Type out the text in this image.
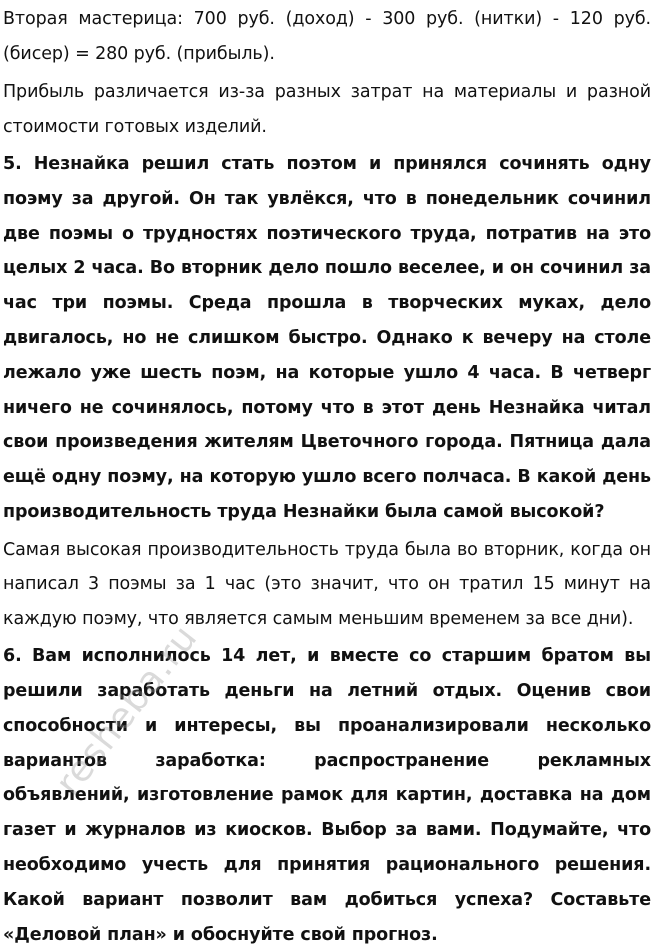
Вторая мастерица: 700 руб. (доход) - 300 руб. (нитки) - 120 руб. (бисер) = 280 руб. (прибыль).

Прибыль различается из-за разных затрат на материалы и разной стоимости готовых изделий.

5. Незнайка решил стать поэтом и принялся сочинять одну поэму за другой. Он так увлёкся, что в понедельник сочинил две поэмы о трудностях поэтического труда, потратив на это целых 2 часа. Во вторник дело пошло веселее, и он сочинил за час три поэмы. Среда прошла в творческих муках, дело двигалось, но не слишком быстро. Однако к вечеру на столе лежало уже шесть поэм, на которые ушло 4 часа. В четверг ничего не сочинялось, потому что в этот день Незнайка читал свои произведения жителям Цветочного города. Пятница дала ещё одну поэму, на которую ушло всего полчаса. В какой день производительность труда Незнайки была самой высокой?

Самая высокая производительность труда была во вторник, когда он написал 3 поэмы за 1 час (это значит, что он тратил 15 минут на каждую поэму, что является самым меньшим временем за все дни).

6. Вам исполнилось 14 лет, и вместе со старшим братом вы решили заработать деньги на летний отдых. Оценив свои способности и интересы, вы проанализировали несколько вариантов заработка: распространение рекламных объявлений, изготовление рамок для картин, доставка на дом газет и журналов из киосков. Выбор за вами. Подумайте, что необходимо учесть для принятия рационального решения. Какой вариант позволит вам добиться успеха? Составьте «Деловой план» и обоснуйте свой прогноз.

resheba.ru
